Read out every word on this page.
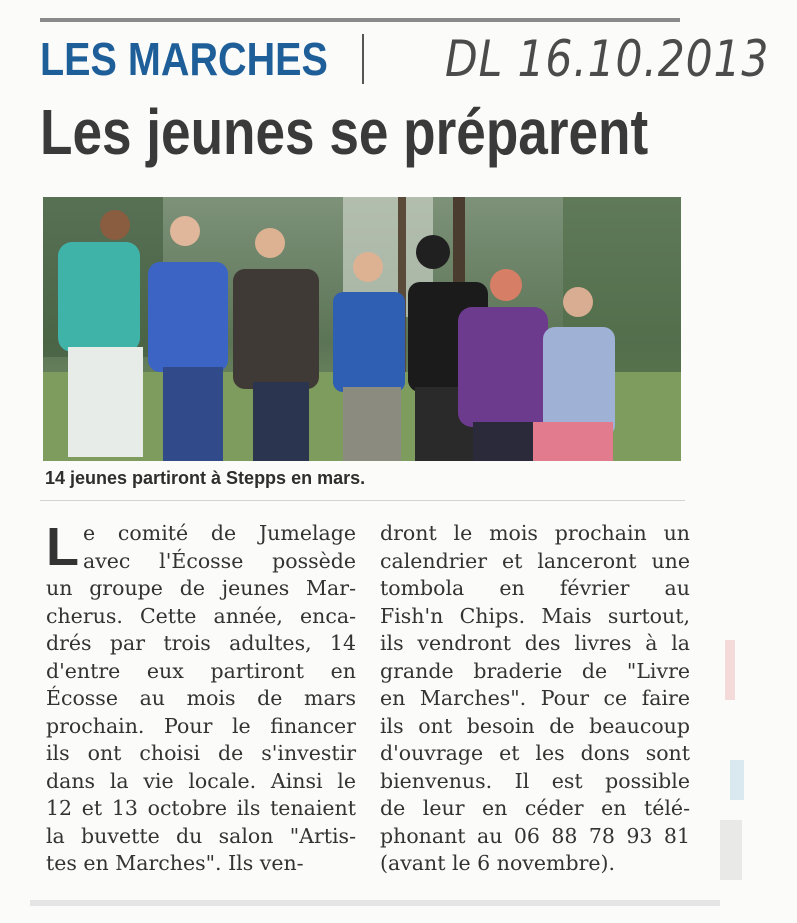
LES MARCHES DL 16.10.2013
Les jeunes se préparent
14 jeunes partiront à Stepps en mars.
L e comité de Jumelage
avec l'Écosse possède
un groupe de jeunes Mar-
cherus. Cette année, enca-
drés par trois adultes, 14
d'entre eux partiront en
Écosse au mois de mars
prochain. Pour le financer
ils ont choisi de s'investir
dans la vie locale. Ainsi le
12 et 13 octobre ils tenaient
la buvette du salon "Artis-
tes en Marches". Ils ven-
dront le mois prochain un
calendrier et lanceront une
tombola en février au
Fish'n Chips. Mais surtout,
ils vendront des livres à la
grande braderie de "Livre
en Marches". Pour ce faire
ils ont besoin de beaucoup
d'ouvrage et les dons sont
bienvenus. Il est possible
de leur en céder en télé-
phonant au 06 88 78 93 81
(avant le 6 novembre).
